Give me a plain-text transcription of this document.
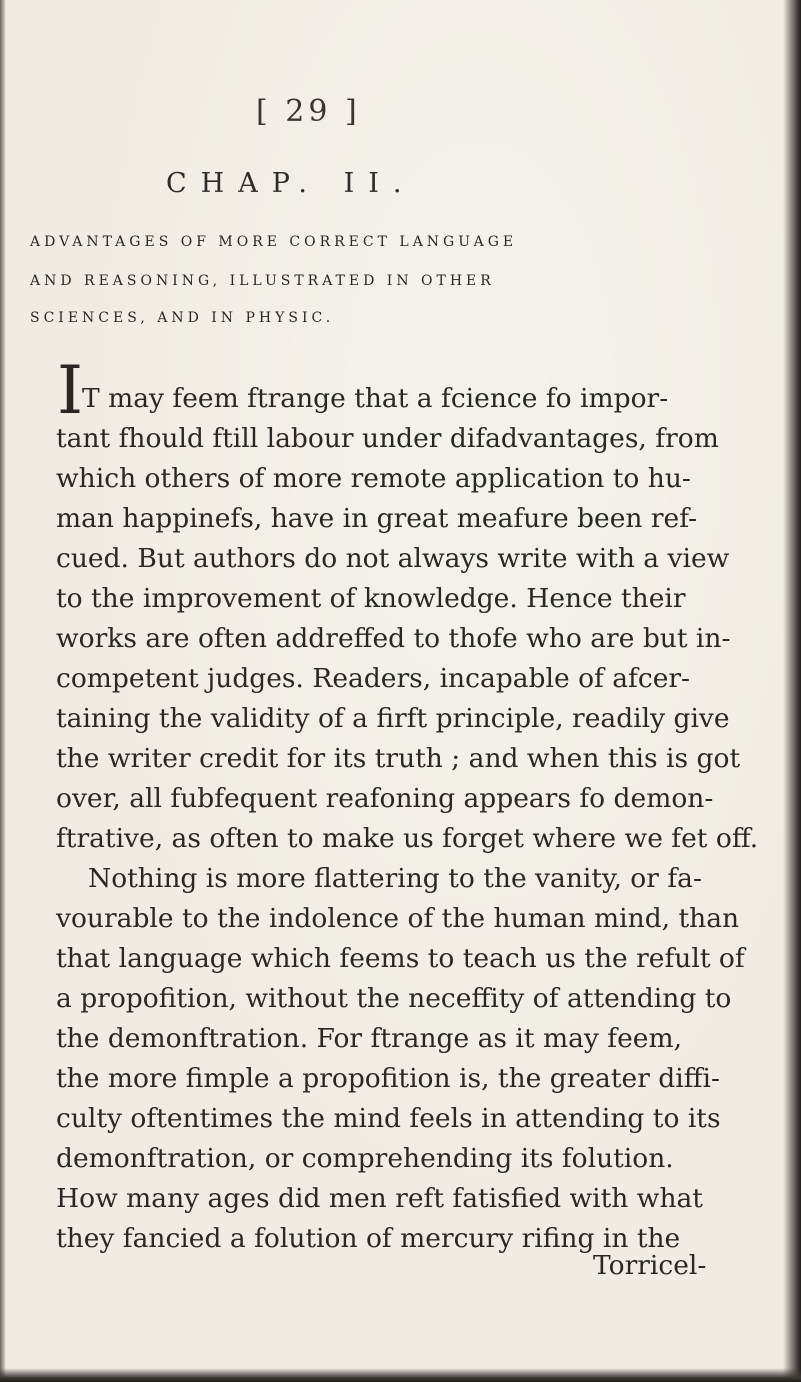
[ 29 ]
CHAP. II.
ADVANTAGES OF MORE CORRECT LANGUAGE
AND REASONING, ILLUSTRATED IN OTHER
SCIENCES, AND IN PHYSIC.
I
T may feem ftrange that a fcience fo impor-
tant fhould ftill labour under difadvantages, from
which others of more remote application to hu-
man happinefs, have in great meafure been ref-
cued. But authors do not always write with a view
to the improvement of knowledge. Hence their
works are often addreffed to thofe who are but in-
competent judges. Readers, incapable of afcer-
taining the validity of a firft principle, readily give
the writer credit for its truth ; and when this is got
over, all fubfequent reafoning appears fo demon-
ftrative, as often to make us forget where we fet off.
Nothing is more flattering to the vanity, or fa-
vourable to the indolence of the human mind, than
that language which feems to teach us the refult of
a propofition, without the neceffity of attending to
the demonftration. For ftrange as it may feem,
the more fimple a propofition is, the greater diffi-
culty oftentimes the mind feels in attending to its
demonftration, or comprehending its folution.
How many ages did men reft fatisfied with what
they fancied a folution of mercury rifing in the
Torricel-
